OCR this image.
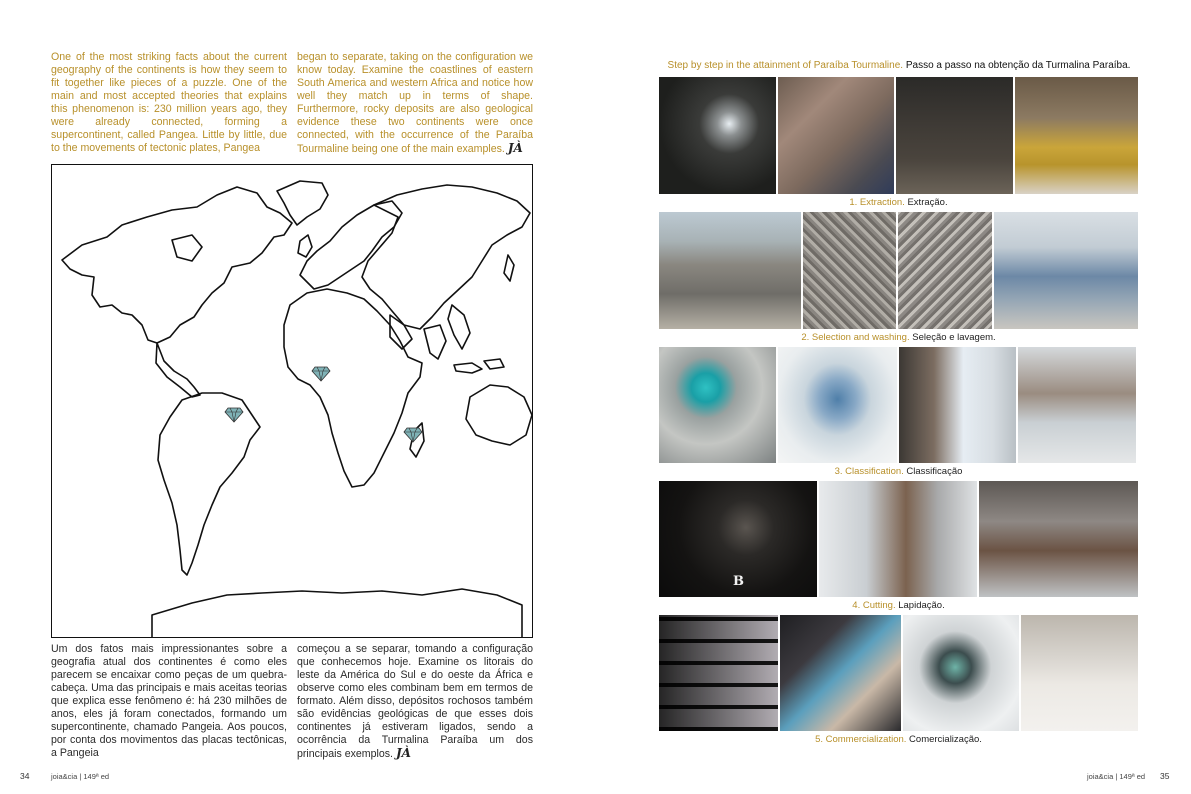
One of the most striking facts about the current geography of the continents is how they seem to fit together like pieces of a puzzle. One of the main and most accepted theories that explains this phenomenon is: 230 million years ago, they were already connected, forming a supercontinent, called Pangea. Little by little, due to the movements of tectonic plates, Pangea
began to separate, taking on the configuration we know today. Examine the coastlines of eastern South America and western Africa and notice how well they match up in terms of shape. Furthermore, rocky deposits are also geological evidence these two continents were once connected, with the occurrence of the Paraíba Tourmaline being one of the main examples. JÀ
Um dos fatos mais impressionantes sobre a geografia atual dos continentes é como eles parecem se encaixar como peças de um quebra-cabeça. Uma das principais e mais aceitas teorias que explica esse fenômeno é: há 230 milhões de anos, eles já foram conectados, formando um supercontinente, chamado Pangeia. Aos poucos, por conta dos movimentos das placas tectônicas, a Pangeia
começou a se separar, tomando a configuração que conhecemos hoje. Examine os litorais do leste da América do Sul e do oeste da África e observe como eles combinam bem em termos de formato. Além disso, depósitos rochosos também são evidências geológicas de que esses dois continentes já estiveram ligados, sendo a ocorrência da Turmalina Paraíba um dos principais exemplos. JÀ
34	joia&cia | 149ª ed
Step by step in the attainment of Paraíba Tourmaline. Passo a passo na obtenção da Turmalina Paraíba.
1. Extraction. Extração.
2. Selection and washing. Seleção e lavagem.
3. Classification. Classificação
B
4. Cutting. Lapidação.
5. Commercialization. Comercialização.
joia&cia | 149ª ed 35
